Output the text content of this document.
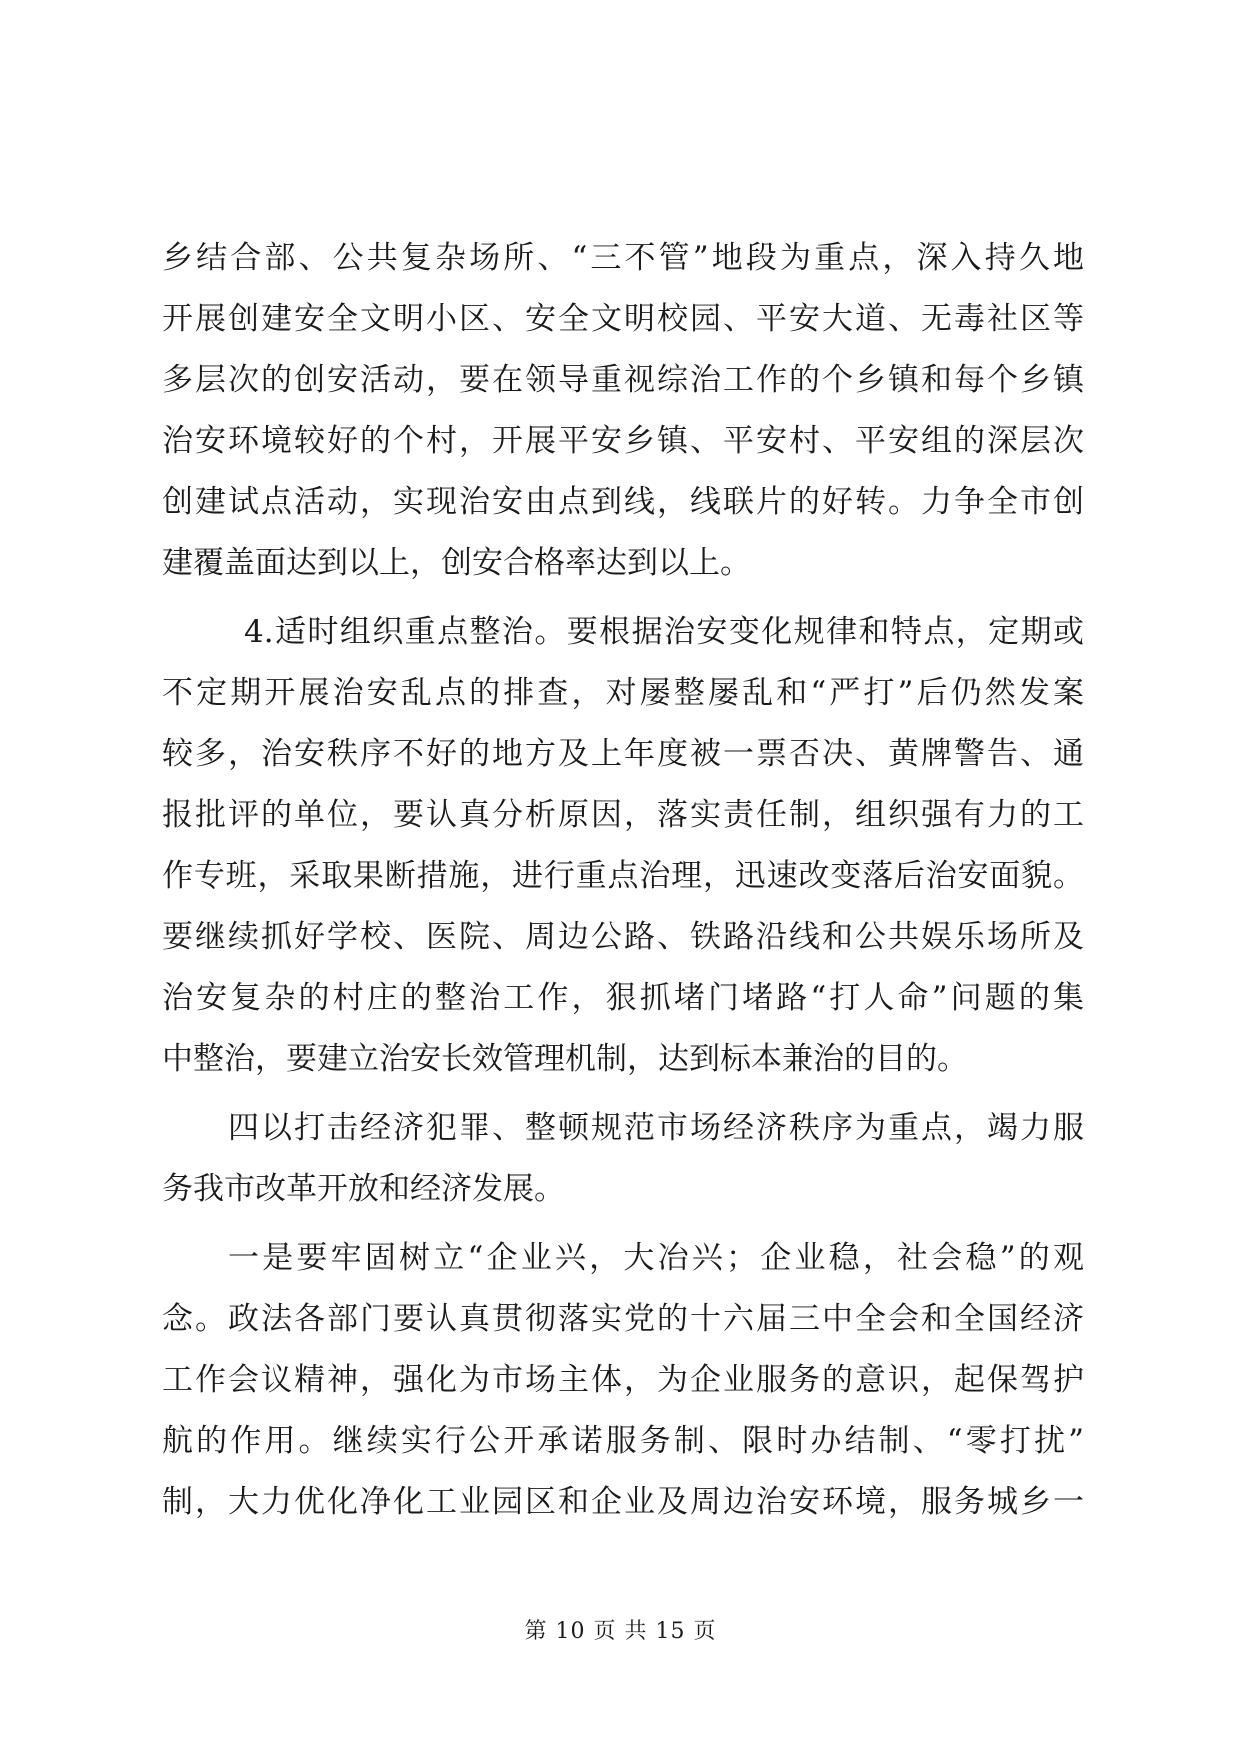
乡结合部、公共复杂场所、“三不管”地段为重点，深入持久地
开展创建安全文明小区、安全文明校园、平安大道、无毒社区等
多层次的创安活动，要在领导重视综治工作的个乡镇和每个乡镇
治安环境较好的个村，开展平安乡镇、平安村、平安组的深层次
创建试点活动，实现治安由点到线，线联片的好转。力争全市创
建覆盖面达到以上，创安合格率达到以上。
4.适时组织重点整治。要根据治安变化规律和特点，定期或
不定期开展治安乱点的排查，对屡整屡乱和“严打”后仍然发案
较多，治安秩序不好的地方及上年度被一票否决、黄牌警告、通
报批评的单位，要认真分析原因，落实责任制，组织强有力的工
作专班，采取果断措施，进行重点治理，迅速改变落后治安面貌。
要继续抓好学校、医院、周边公路、铁路沿线和公共娱乐场所及
治安复杂的村庄的整治工作，狠抓堵门堵路“打人命”问题的集
中整治，要建立治安长效管理机制，达到标本兼治的目的。
四以打击经济犯罪、整顿规范市场经济秩序为重点，竭力服
务我市改革开放和经济发展。
一是要牢固树立“企业兴，大冶兴；企业稳，社会稳”的观
念。政法各部门要认真贯彻落实党的十六届三中全会和全国经济
工作会议精神，强化为市场主体，为企业服务的意识，起保驾护
航的作用。继续实行公开承诺服务制、限时办结制、“零打扰”
制，大力优化净化工业园区和企业及周边治安环境，服务城乡一
第 10 页 共 15 页
